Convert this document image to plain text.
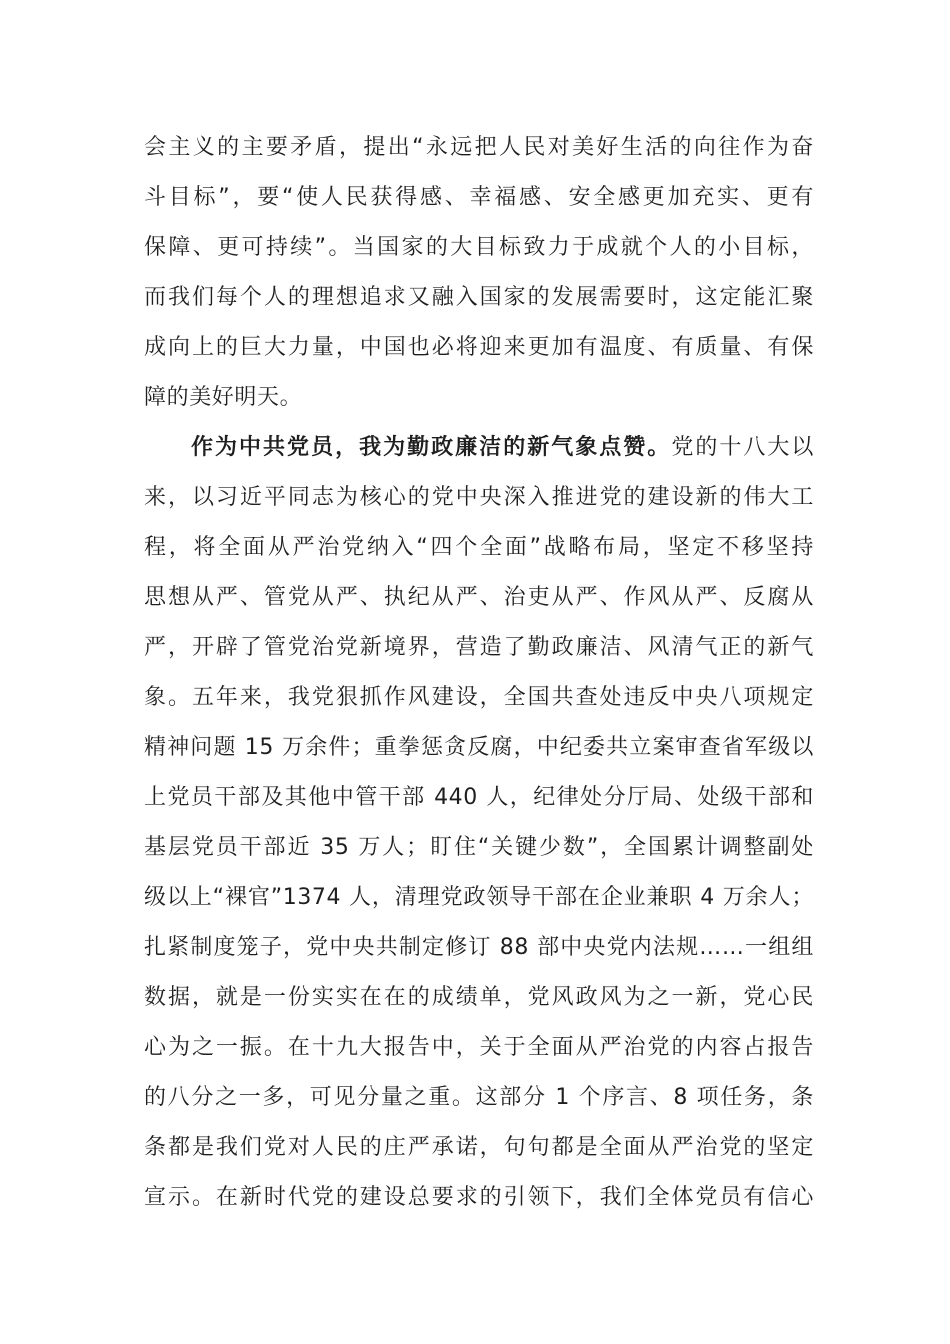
会主义的主要矛盾，提出“永远把人民对美好生活的向往作为奋
斗目标”，要“使人民获得感、幸福感、安全感更加充实、更有
保障、更可持续”。当国家的大目标致力于成就个人的小目标，
而我们每个人的理想追求又融入国家的发展需要时，这定能汇聚
成向上的巨大力量，中国也必将迎来更加有温度、有质量、有保
障的美好明天。
作为中共党员，我为勤政廉洁的新气象点赞。党的十八大以
来，以习近平同志为核心的党中央深入推进党的建设新的伟大工
程，将全面从严治党纳入“四个全面”战略布局，坚定不移坚持
思想从严、管党从严、执纪从严、治吏从严、作风从严、反腐从
严，开辟了管党治党新境界，营造了勤政廉洁、风清气正的新气
象。五年来，我党狠抓作风建设，全国共查处违反中央八项规定
精神问题 15 万余件；重拳惩贪反腐，中纪委共立案审查省军级以
上党员干部及其他中管干部 440 人，纪律处分厅局、处级干部和
基层党员干部近 35 万人；盯住“关键少数”，全国累计调整副处
级以上“裸官”1374 人，清理党政领导干部在企业兼职 4 万余人；
扎紧制度笼子，党中央共制定修订 88 部中央党内法规……一组组
数据，就是一份实实在在的成绩单，党风政风为之一新，党心民
心为之一振。在十九大报告中，关于全面从严治党的内容占报告
的八分之一多，可见分量之重。这部分 1 个序言、8 项任务，条
条都是我们党对人民的庄严承诺，句句都是全面从严治党的坚定
宣示。在新时代党的建设总要求的引领下，我们全体党员有信心
